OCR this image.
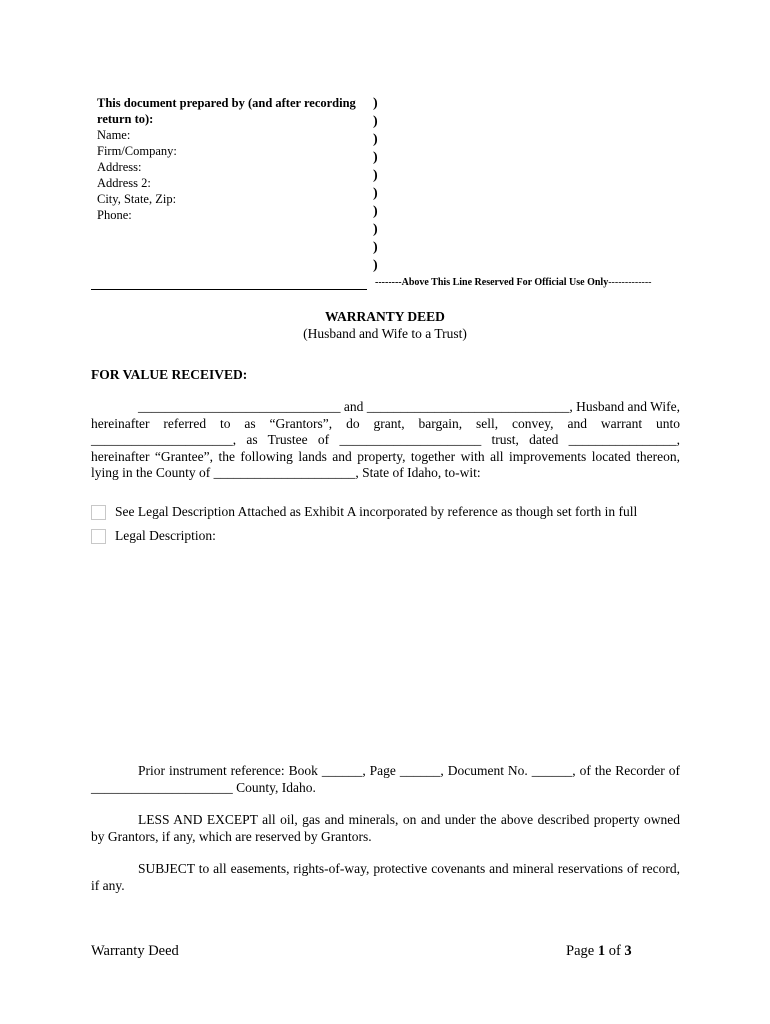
This document prepared by (and after recording return to):
Name:
Firm/Company:
Address:
Address 2:
City, State, Zip:
Phone:
)
)
)
)
)
)
)
)
)
)
--------Above This Line Reserved For Official Use Only-------------
WARRANTY DEED
(Husband and Wife to a Trust)
FOR VALUE RECEIVED:
______________________________ and ______________________________, Husband and Wife, hereinafter referred to as “Grantors”, do grant, bargain, sell, convey, and warrant unto _____________________, as Trustee of _____________________ trust, dated ________________, hereinafter “Grantee”, the following lands and property, together with all improvements located thereon, lying in the County of _____________________, State of Idaho, to-wit:
See Legal Description Attached as Exhibit A incorporated by reference as though set forth in full
Legal Description:
Prior instrument reference: Book ______, Page ______, Document No. ______, of the Recorder of _____________________ County, Idaho.
LESS AND EXCEPT all oil, gas and minerals, on and under the above described property owned by Grantors, if any, which are reserved by Grantors.
SUBJECT to all easements, rights-of-way, protective covenants and mineral reservations of record, if any.
Warranty Deed	Page 1 of 3
